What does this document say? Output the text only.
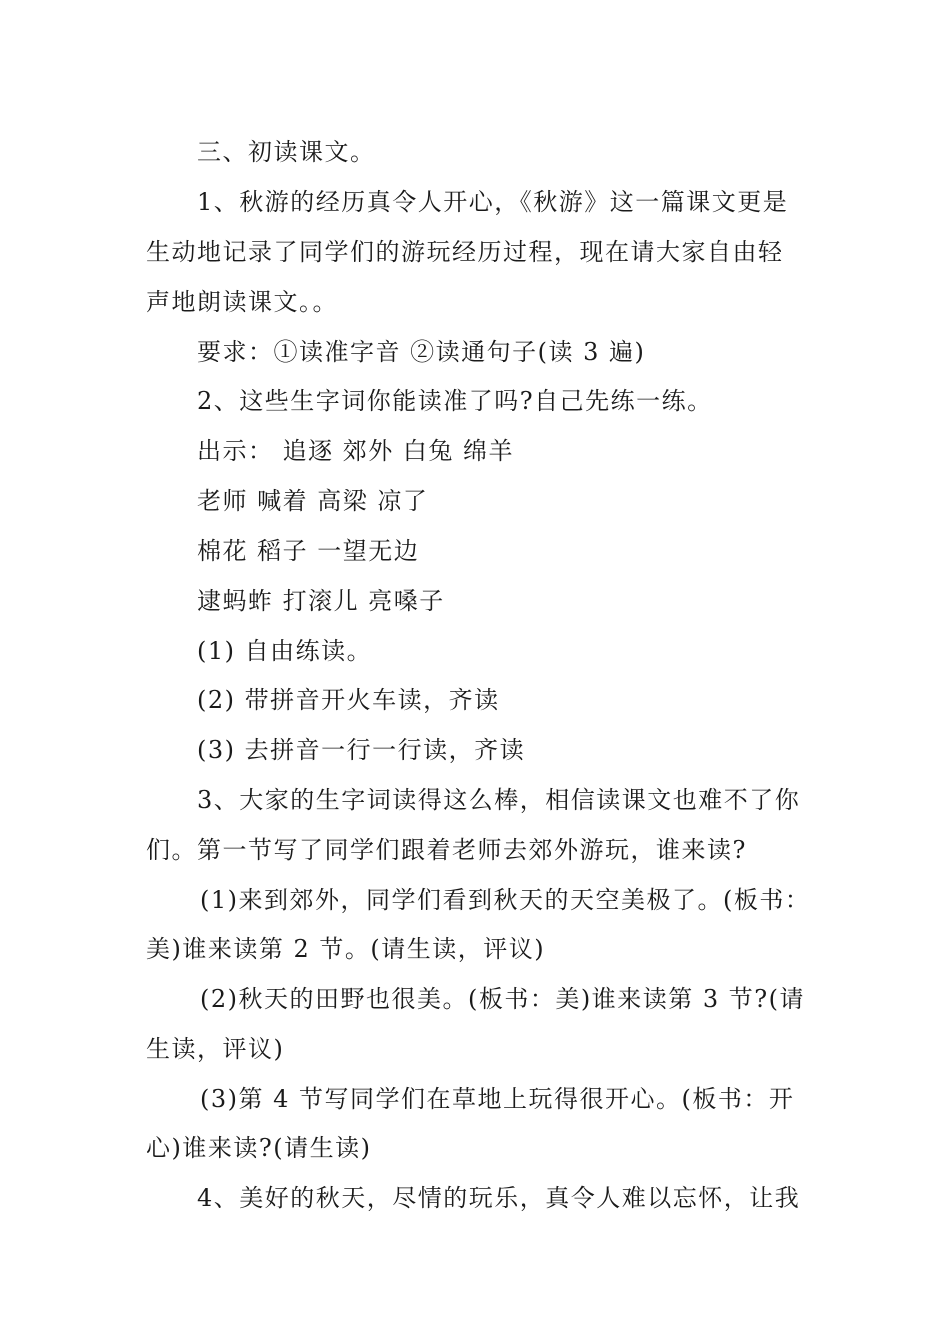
三、初读课文。
1、秋游的经历真令人开心，《秋游》这一篇课文更是
生动地记录了同学们的游玩经历过程，现在请大家自由轻
声地朗读课文。。
要求：①读准字音 ②读通句子(读 3 遍)
2、这些生字词你能读准了吗?自己先练一练。
出示： 追逐 郊外 白兔 绵羊
老师 喊着 高梁 凉了
棉花 稻子 一望无边
逮蚂蚱 打滚儿 亮嗓子
(1) 自由练读。
(2) 带拼音开火车读，齐读
(3) 去拼音一行一行读，齐读
3、大家的生字词读得这么棒，相信读课文也难不了你
们。第一节写了同学们跟着老师去郊外游玩，谁来读?
(1)来到郊外，同学们看到秋天的天空美极了。(板书：
美)谁来读第 2 节。(请生读，评议)
(2)秋天的田野也很美。(板书：美)谁来读第 3 节?(请
生读，评议)
(3)第 4 节写同学们在草地上玩得很开心。(板书：开
心)谁来读?(请生读)
4、美好的秋天，尽情的玩乐，真令人难以忘怀，让我
